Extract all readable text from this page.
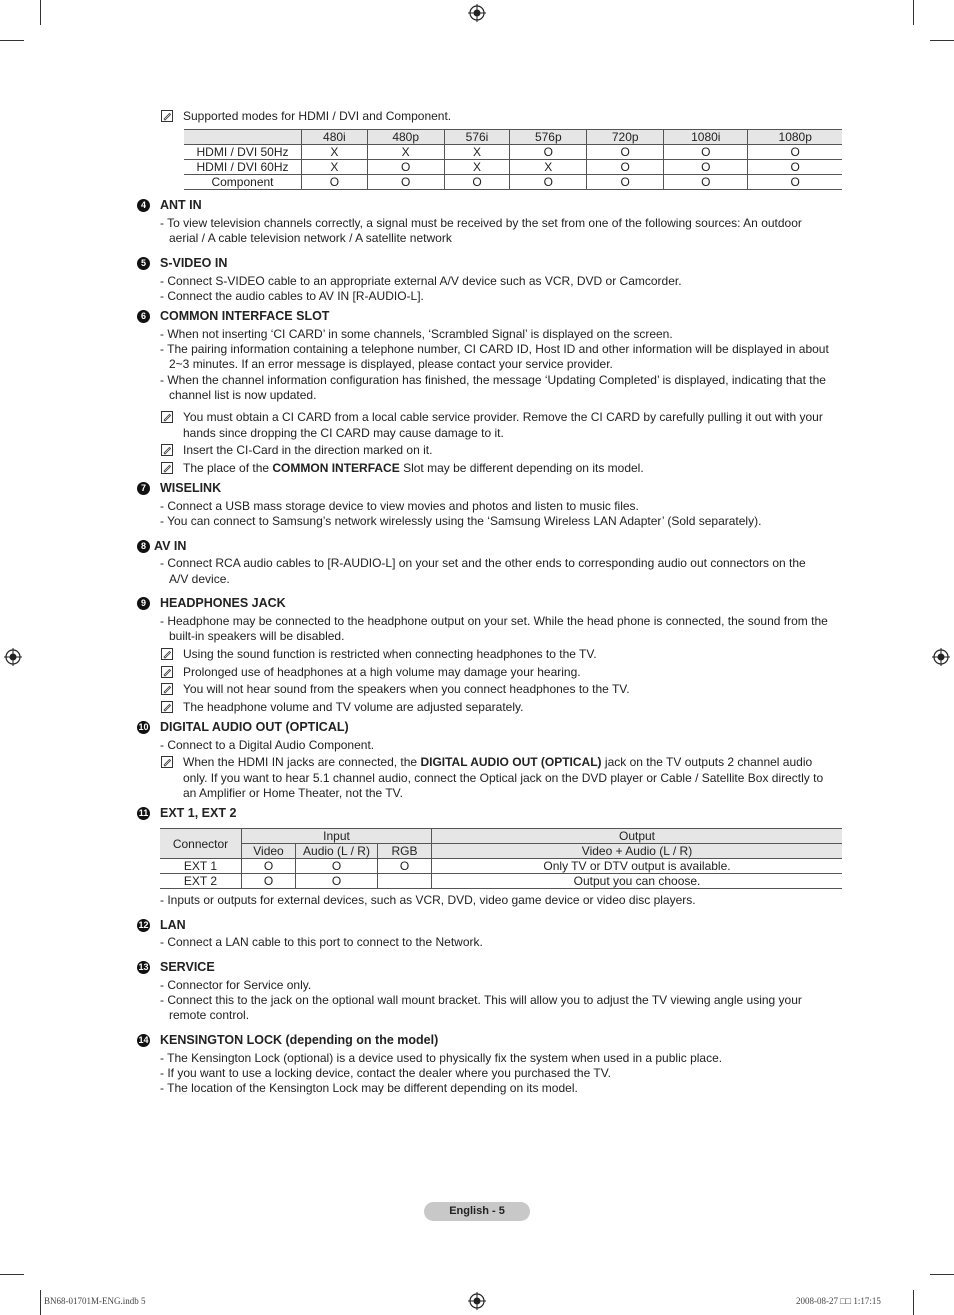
Supported modes for HDMI / DVI and Component.
	480i	480p	576i	576p	720p	1080i	1080p
HDMI / DVI 50Hz	X	X	X	O	O	O	O
HDMI / DVI 60Hz	X	O	X	X	O	O	O
Component	O	O	O	O	O	O	O
4	ANT IN
- To view television channels correctly, a signal must be received by the set from one of the following sources: An outdoor
aerial / A cable television network / A satellite network
5	S-VIDEO IN
- Connect S-VIDEO cable to an appropriate external A/V device such as VCR, DVD or Camcorder.
- Connect the audio cables to AV IN [R-AUDIO-L].
6	COMMON INTERFACE SLOT
- When not inserting ‘CI CARD’ in some channels, ‘Scrambled Signal’ is displayed on the screen.
- The pairing information containing a telephone number, CI CARD ID, Host ID and other information will be displayed in about
2~3 minutes. If an error message is displayed, please contact your service provider.
- When the channel information configuration has finished, the message ‘Updating Completed’ is displayed, indicating that the
channel list is now updated.
You must obtain a CI CARD from a local cable service provider. Remove the CI CARD by carefully pulling it out with your
hands since dropping the CI CARD may cause damage to it.
Insert the CI-Card in the direction marked on it.
The place of the COMMON INTERFACE Slot may be different depending on its model.
7	WISELINK
- Connect a USB mass storage device to view movies and photos and listen to music files.
- You can connect to Samsung’s network wirelessly using the ‘Samsung Wireless LAN Adapter’ (Sold separately).
8 AV IN
- Connect RCA audio cables to [R-AUDIO-L] on your set and the other ends to corresponding audio out connectors on the
A/V device.
9	HEADPHONES JACK
- Headphone may be connected to the headphone output on your set. While the head phone is connected, the sound from the
built-in speakers will be disabled.
Using the sound function is restricted when connecting headphones to the TV.
Prolonged use of headphones at a high volume may damage your hearing.
You will not hear sound from the speakers when you connect headphones to the TV.
The headphone volume and TV volume are adjusted separately.
10 DIGITAL AUDIO OUT (OPTICAL)
- Connect to a Digital Audio Component.
When the HDMI IN jacks are connected, the DIGITAL AUDIO OUT (OPTICAL) jack on the TV outputs 2 channel audio
only. If you want to hear 5.1 channel audio, connect the Optical jack on the DVD player or Cable / Satellite Box directly to
an Amplifier or Home Theater, not the TV.
11 EXT 1, EXT 2
Connector	Input			Output
	Video	Audio (L / R)	RGB	Video + Audio (L / R)
EXT 1	O	O	O	Only TV or DTV output is available.
EXT 2	O	O		Output you can choose.
- Inputs or outputs for external devices, such as VCR, DVD, video game device or video disc players.
12 LAN
- Connect a LAN cable to this port to connect to the Network.
13 SERVICE
- Connector for Service only.
- Connect this to the jack on the optional wall mount bracket. This will allow you to adjust the TV viewing angle using your
remote control.
14 KENSINGTON LOCK (depending on the model)
- The Kensington Lock (optional) is a device used to physically fix the system when used in a public place.
- If you want to use a locking device, contact the dealer where you purchased the TV.
- The location of the Kensington Lock may be different depending on its model.
English - 5
BN68-01701M-ENG.indb 5	2008-08-27 □□ 1:17:15
